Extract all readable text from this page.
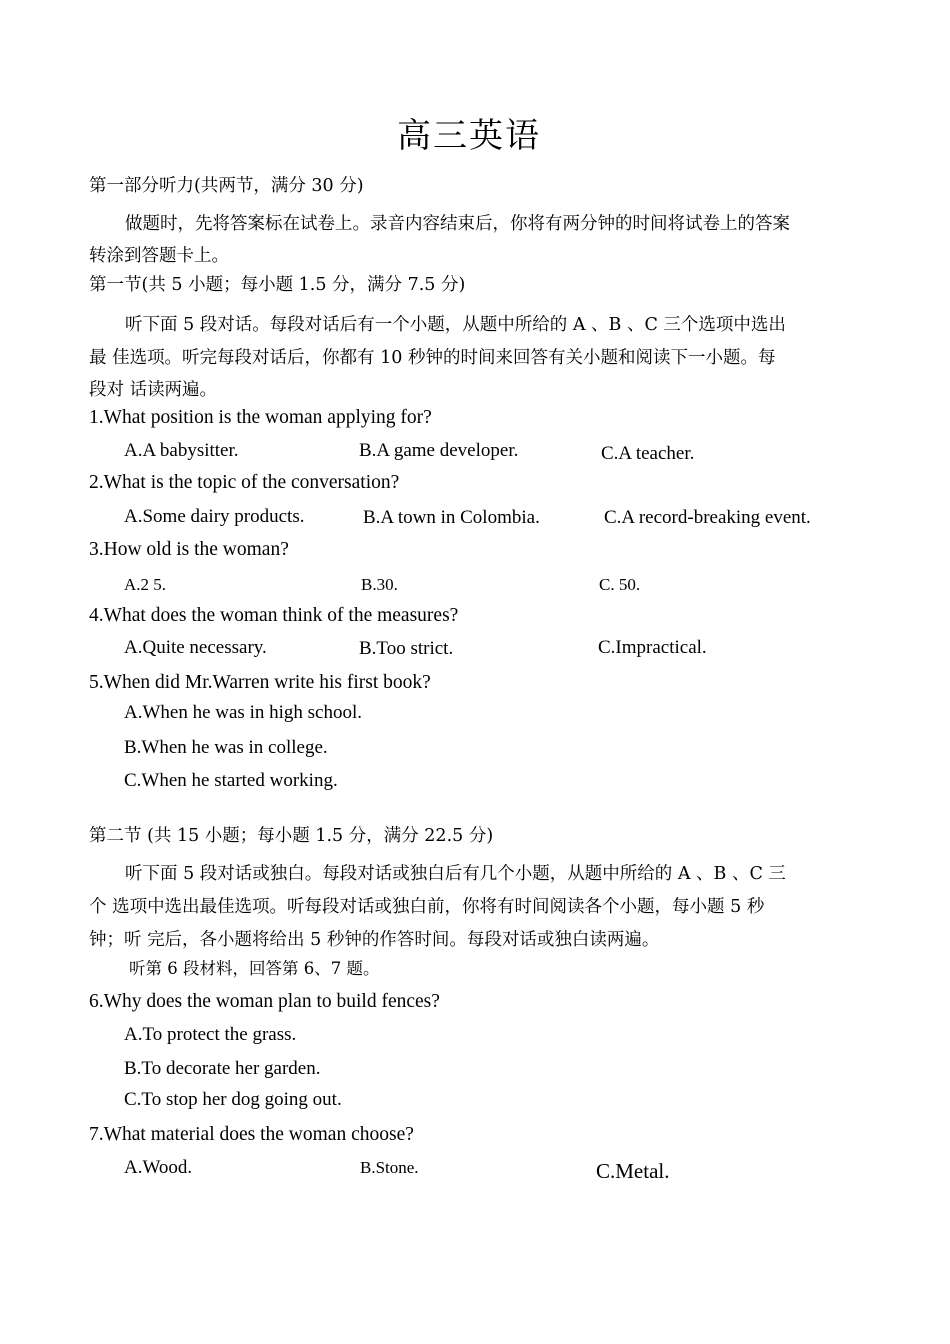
高三英语
第一部分听力(共两节，满分 30 分)
做题时，先将答案标在试卷上。录音内容结束后，你将有两分钟的时间将试卷上的答案
转涂到答题卡上。
第一节(共 5 小题；每小题 1.5 分，满分 7.5 分)
听下面 5 段对话。每段对话后有一个小题，从题中所给的 A 、B 、C 三个选项中选出
最 佳选项。听完每段对话后，你都有 10 秒钟的时间来回答有关小题和阅读下一小题。每
段对 话读两遍。
1.What position is the woman applying for?
A.A babysitter.	B.A game developer.	C.A teacher.
2.What is the topic of the conversation?
A.Some dairy products.	B.A town in Colombia.	C.A record-breaking event.
3.How old is the woman?
A.2 5.	B.30.	C. 50.
4.What does the woman think of the measures?
A.Quite necessary.	B.Too strict.	C.Impractical.
5.When did Mr.Warren write his first book?
A.When he was in high school.
B.When he was in college.
C.When he started working.
第二节 (共 15 小题；每小题 1.5 分，满分 22.5 分)
听下面 5 段对话或独白。每段对话或独白后有几个小题，从题中所给的 A 、B 、C 三
个 选项中选出最佳选项。听每段对话或独白前，你将有时间阅读各个小题，每小题 5 秒
钟；听 完后，各小题将给出 5 秒钟的作答时间。每段对话或独白读两遍。
听第 6 段材料，回答第 6、7 题。
6.Why does the woman plan to build fences?
A.To protect the grass.
B.To decorate her garden.
C.To stop her dog going out.
7.What material does the woman choose?
A.Wood.	B.Stone.	C.Metal.
